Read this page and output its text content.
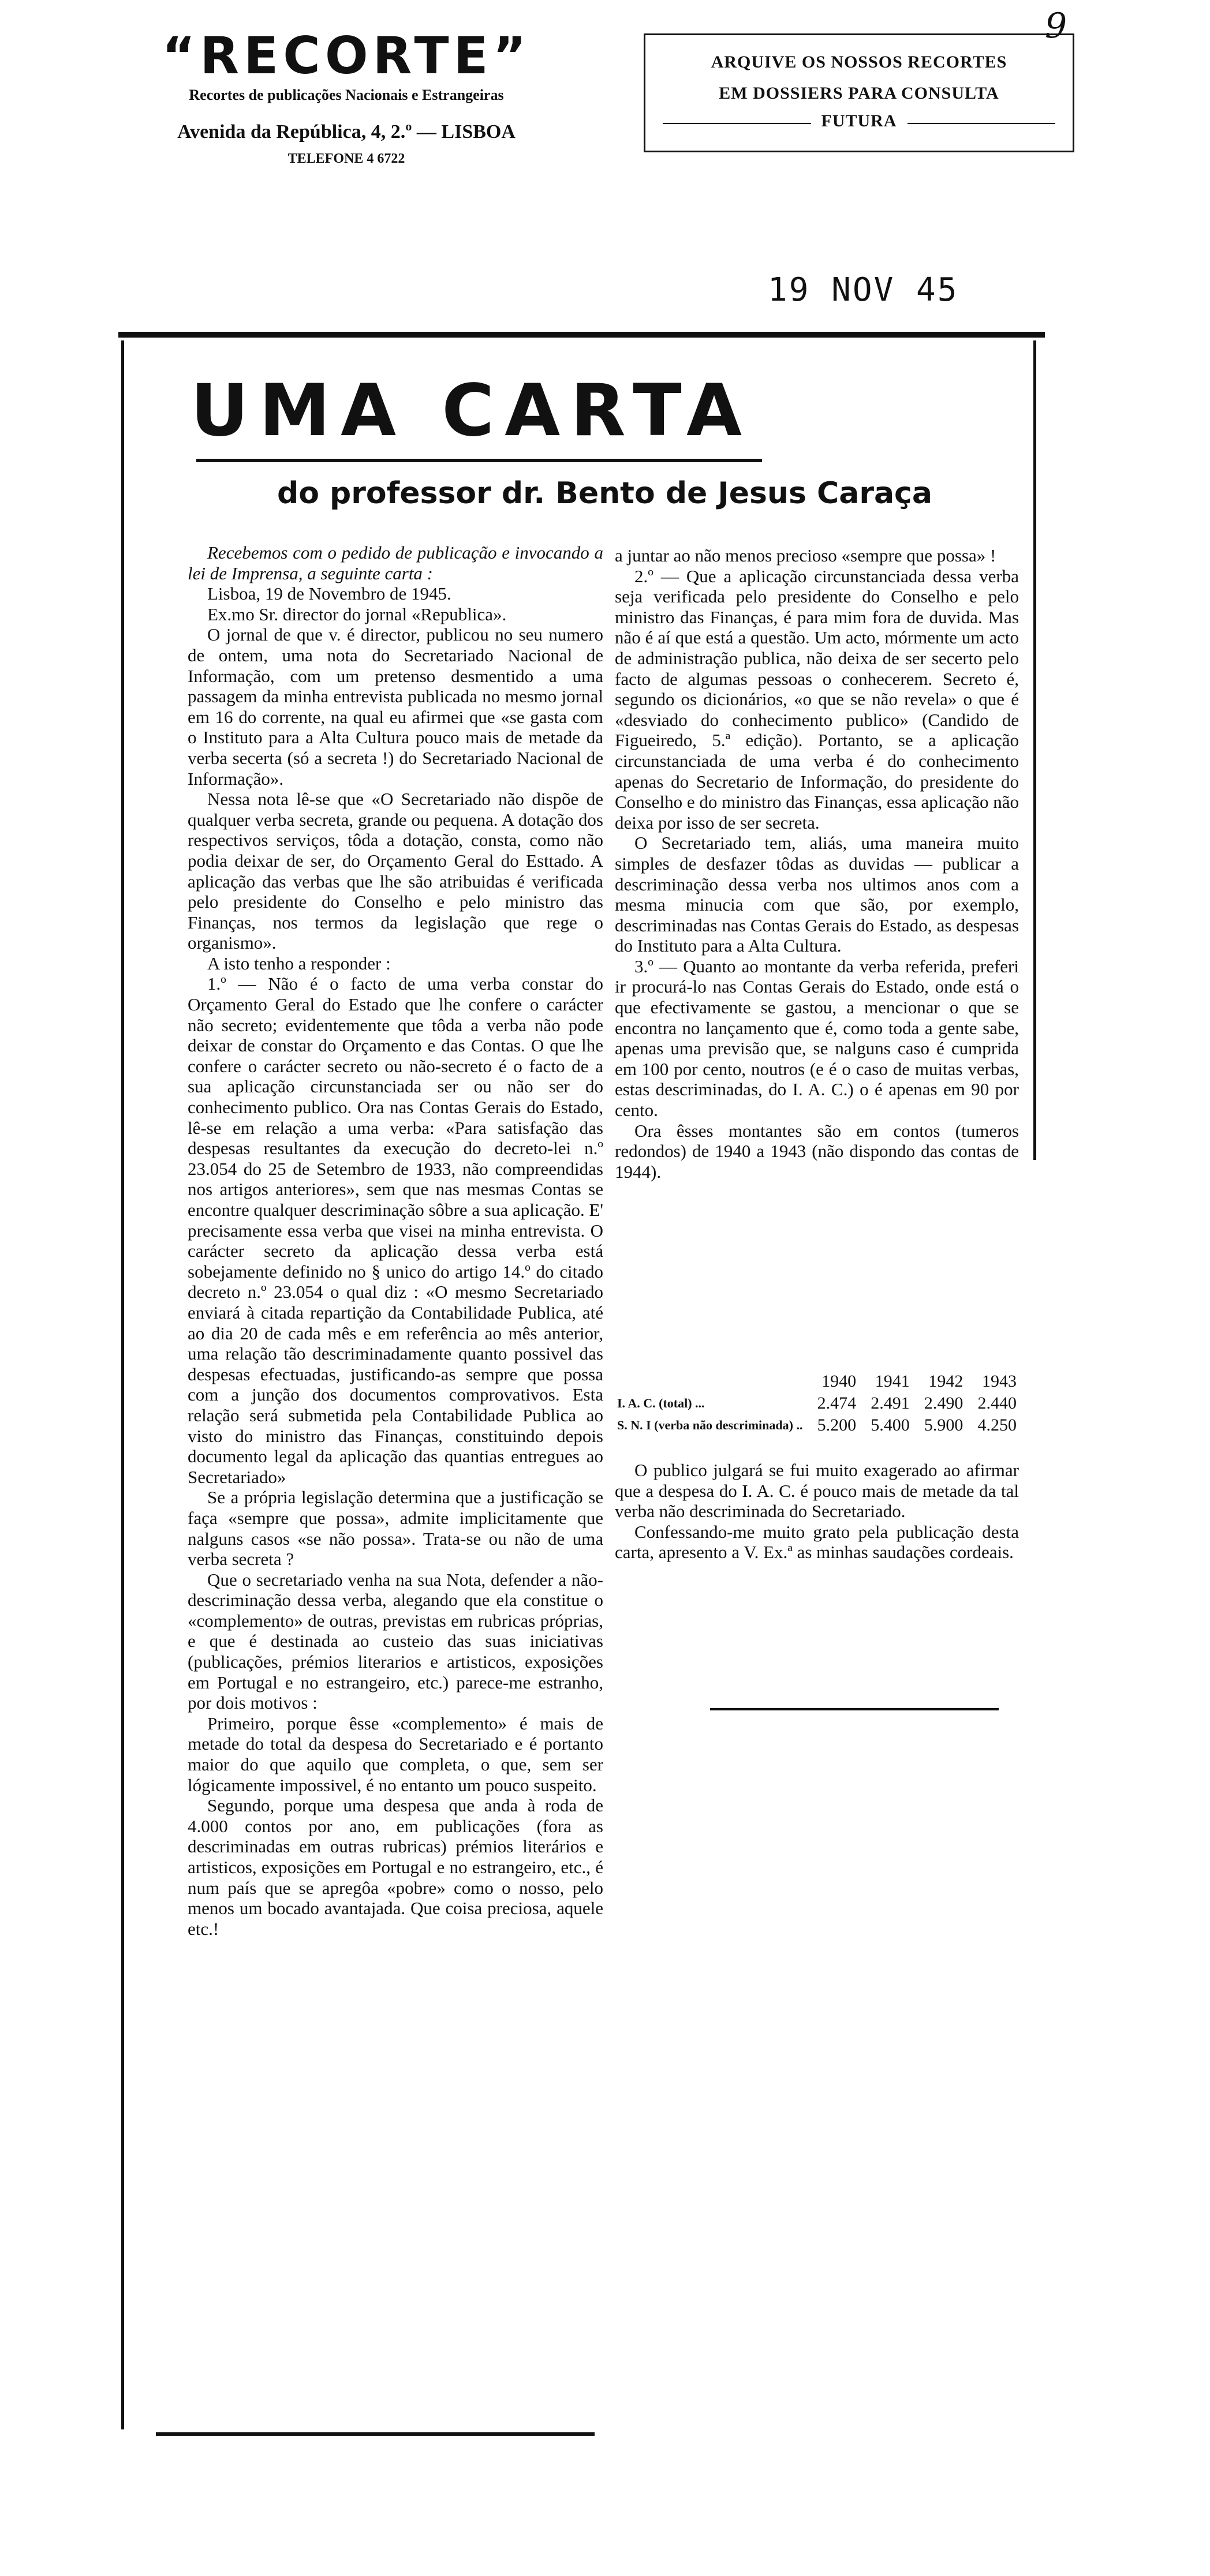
“RECORTE”
Recortes de publicações Nacionais e Estrangeiras
Avenida da República, 4, 2.º — LISBOA
TELEFONE 4 6722
ARQUIVE OS NOSSOS RECORTES
EM DOSSIERS PARA CONSULTA
FUTURA
9
19 NOV 45
UMA CARTA
do professor dr. Bento de Jesus Caraça

Recebemos com o pedido de publicação e invocando a lei de Imprensa, a seguinte carta :

Lisboa, 19 de Novembro de 1945.

Ex.mo Sr. director do jornal «Republica».

O jornal de que v. é director, publicou no seu numero de ontem, uma nota do Secretariado Nacional de Informação, com um pretenso desmentido a uma passagem da minha entrevista publicada no mesmo jornal em 16 do corrente, na qual eu afirmei que «se gasta com o Instituto para a Alta Cultura pouco mais de metade da verba secerta (só a secreta !) do Secretariado Nacional de Informação».

Nessa nota lê-se que «O Secretariado não dispõe de qualquer verba secreta, grande ou pequena. A dotação dos respectivos serviços, tôda a dotação, consta, como não podia deixar de ser, do Orçamento Geral do Esttado. A aplicação das verbas que lhe são atribuidas é verificada pelo presidente do Conselho e pelo ministro das Finanças, nos termos da legislação que rege o organismo».

A isto tenho a responder :

1.º — Não é o facto de uma verba constar do Orçamento Geral do Estado que lhe confere o carácter não secreto; evidentemente que tôda a verba não pode deixar de constar do Orçamento e das Contas. O que lhe confere o carácter secreto ou não-secreto é o facto de a sua aplicação circunstanciada ser ou não ser do conhecimento publico. Ora nas Contas Gerais do Estado, lê-se em relação a uma verba: «Para satisfação das despesas resultantes da execução do decreto-lei n.º 23.054 do 25 de Setembro de 1933, não compreendidas nos artigos anteriores», sem que nas mesmas Contas se encontre qualquer descriminação sôbre a sua aplicação. E' precisamente essa verba que visei na minha entrevista. O carácter secreto da aplicação dessa verba está sobejamente definido no § unico do artigo 14.º do citado decreto n.º 23.054 o qual diz : «O mesmo Secretariado enviará à citada repartição da Contabilidade Publica, até ao dia 20 de cada mês e em referência ao mês anterior, uma relação tão descriminadamente quanto possivel das despesas efectuadas, justificando-as sempre que possa com a junção dos documentos comprovativos. Esta relação será submetida pela Contabilidade Publica ao visto do ministro das Finanças, constituindo depois documento legal da aplicação das quantias entregues ao Secretariado»

Se a própria legislação determina que a justificação se faça «sempre que possa», admite implicitamente que nalguns casos «se não possa». Trata-se ou não de uma verba secreta ?

Que o secretariado venha na sua Nota, defender a não-descriminação dessa verba, alegando que ela constitue o «complemento» de outras, previstas em rubricas próprias, e que é destinada ao custeio das suas iniciativas (publicações, prémios literarios e artisticos, exposições em Portugal e no estrangeiro, etc.) parece-me estranho, por dois motivos :

Primeiro, porque êsse «complemento» é mais de metade do total da despesa do Secretariado e é portanto maior do que aquilo que completa, o que, sem ser lógicamente impossivel, é no entanto um pouco suspeito.

Segundo, porque uma despesa que anda à roda de 4.000 contos por ano, em publicações (fora as descriminadas em outras rubricas) prémios literários e artisticos, exposições em Portugal e no estrangeiro, etc., é num país que se apregôa «pobre» como o nosso, pelo menos um bocado avantajada. Que coisa preciosa, aquele etc.!

a juntar ao não menos precioso «sempre que possa» !

2.º — Que a aplicação circunstanciada dessa verba seja verificada pelo presidente do Conselho e pelo ministro das Finanças, é para mim fora de duvida. Mas não é aí que está a questão. Um acto, mórmente um acto de administração publica, não deixa de ser secerto pelo facto de algumas pessoas o conhecerem. Secreto é, segundo os dicionários, «o que se não revela» o que é «desviado do conhecimento publico» (Candido de Figueiredo, 5.ª edição). Portanto, se a aplicação circunstanciada de uma verba é do conhecimento apenas do Secretario de Informação, do presidente do Conselho e do ministro das Finanças, essa aplicação não deixa por isso de ser secreta.

O Secretariado tem, aliás, uma maneira muito simples de desfazer tôdas as duvidas — publicar a descriminação dessa verba nos ultimos anos com a mesma minucia com que são, por exemplo, descriminadas nas Contas Gerais do Estado, as despesas do Instituto para a Alta Cultura.

3.º — Quanto ao montante da verba referida, preferi ir procurá-lo nas Contas Gerais do Estado, onde está o que efectivamente se gastou, a mencionar o que se encontra no lançamento que é, como toda a gente sabe, apenas uma previsão que, se nalguns caso é cumprida em 100 por cento, noutros (e é o caso de muitas verbas, estas descriminadas, do I. A. C.) o é apenas em 90 por cento.

Ora êsses montantes são em contos (tumeros redondos) de 1940 a 1943 (não dispondo das contas de 1944).

	1940	1941	1942	1943
I. A. C. (total) ...	2.474	2.491	2.490	2.440
S. N. I (verba não descriminada) ..	5.200	5.400	5.900	4.250

O publico julgará se fui muito exagerado ao afirmar que a despesa do I. A. C. é pouco mais de metade da tal verba não descriminada do Secretariado.

Confessando-me muito grato pela publicação desta carta, apresento a V. Ex.ª as minhas saudações cordeais.
